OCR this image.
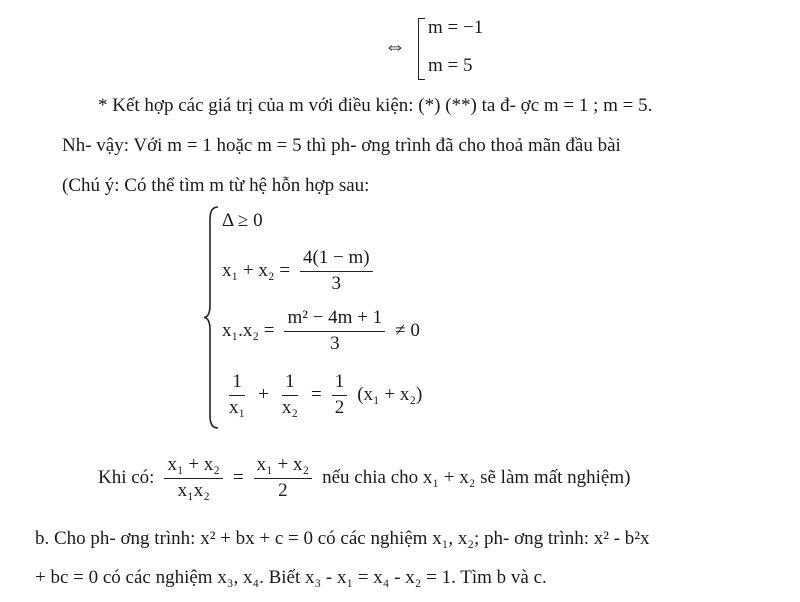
⇔
m = −1
m = 5
* Kết hợp các giá trị của m với điều kiện: (*) (**) ta đ- ợc m = 1 ; m = 5.
Nh- vậy: Với m = 1 hoặc m = 5 thì ph- ơng trình đã cho thoả mãn đầu bài
(Chú ý: Có thể tìm m từ hệ hỗn hợp sau:
Δ ≥ 0
$x_1 + x_2 = \frac{4(1 - m)}{3}$
$x_1.x_2 = \frac{\text{m² − 4m + 1}}{3} \ne 0$
$\frac{1}{\text{x₁}} + \frac{1}{\text{x₂}} = \frac{1}{2} (x_1 + x_2)$
Khi có: $\frac{\text{x₁ + x₂}}{\text{x₁x₂}} = \frac{\text{x₁ + x₂}}{2}$ nếu chia cho x₁ + x₂ sẽ làm mất nghiệm)
b. Cho ph- ơng trình: x² + bx + c = 0 có các nghiệm x₁, x₂; ph- ơng trình: x² - b²x
+ bc = 0 có các nghiệm x₃, x₄. Biết x₃ - x₁ = x₄ - x₂ = 1. Tìm b và c.
